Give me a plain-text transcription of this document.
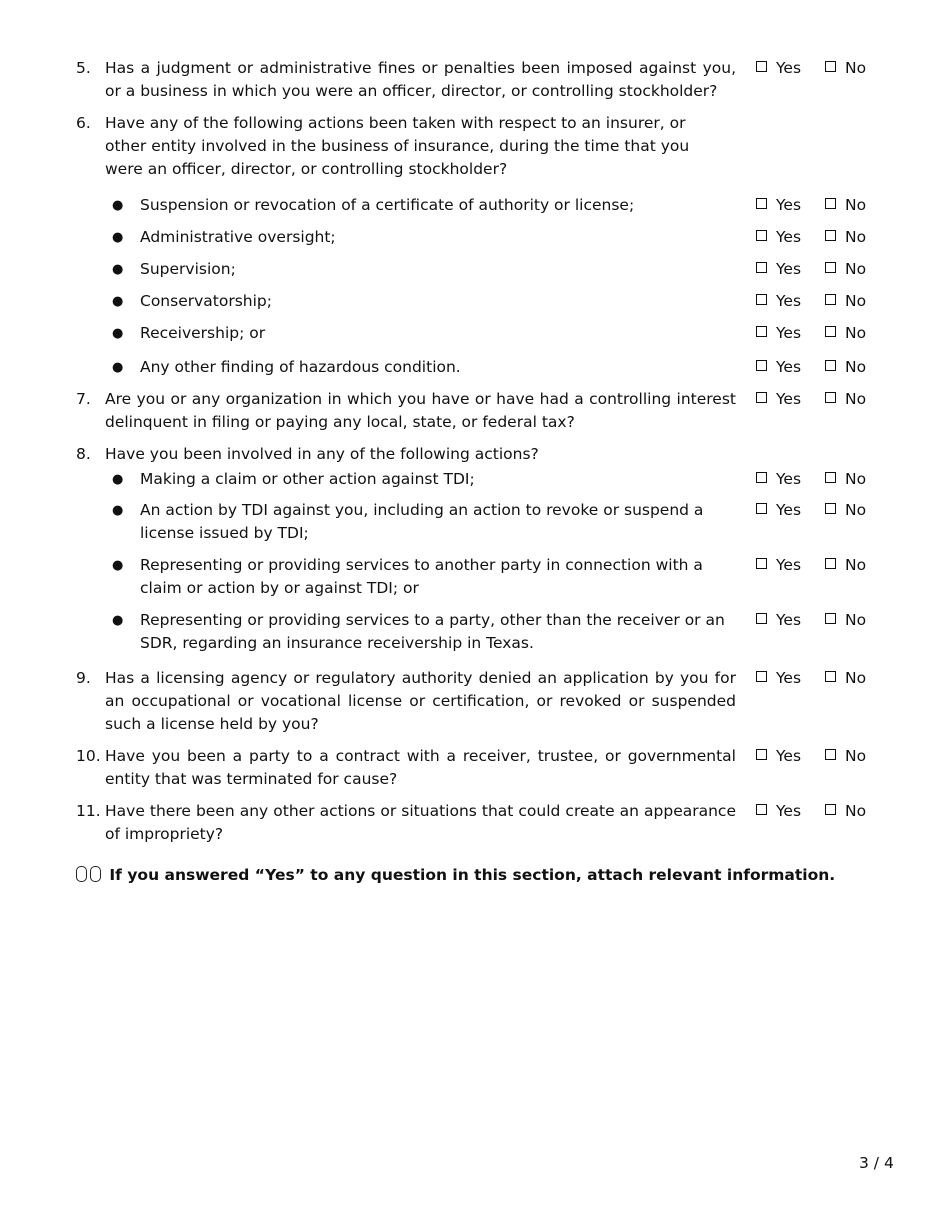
5. Has a judgment or administrative fines or penalties been imposed against you, or a business in which you were an officer, director, or controlling stockholder?
Yes	No
6. Have any of the following actions been taken with respect to an insurer, or other entity involved in the business of insurance, during the time that you were an officer, director, or controlling stockholder?
● Suspension or revocation of a certificate of authority or license;	Yes	No
● Administrative oversight;	Yes	No
● Supervision;	Yes	No
● Conservatorship;	Yes	No
● Receivership; or	Yes	No
● Any other finding of hazardous condition.	Yes	No
7. Are you or any organization in which you have or have had a controlling interest delinquent in filing or paying any local, state, or federal tax?
Yes	No
8. Have you been involved in any of the following actions?
● Making a claim or other action against TDI;	Yes	No
● An action by TDI against you, including an action to revoke or suspend a license issued by TDI;
Yes	No
● Representing or providing services to another party in connection with a claim or action by or against TDI; or
Yes	No
● Representing or providing services to a party, other than the receiver or an SDR, regarding an insurance receivership in Texas.
Yes	No
9. Has a licensing agency or regulatory authority denied an application by you for an occupational or vocational license or certification, or revoked or suspended such a license held by you?
Yes	No
10. Have you been a party to a contract with a receiver, trustee, or governmental entity that was terminated for cause?
Yes	No
11. Have there been any other actions or situations that could create an appearance of impropriety?
Yes	No
If you answered “Yes” to any question in this section, attach relevant information.
3 / 4
